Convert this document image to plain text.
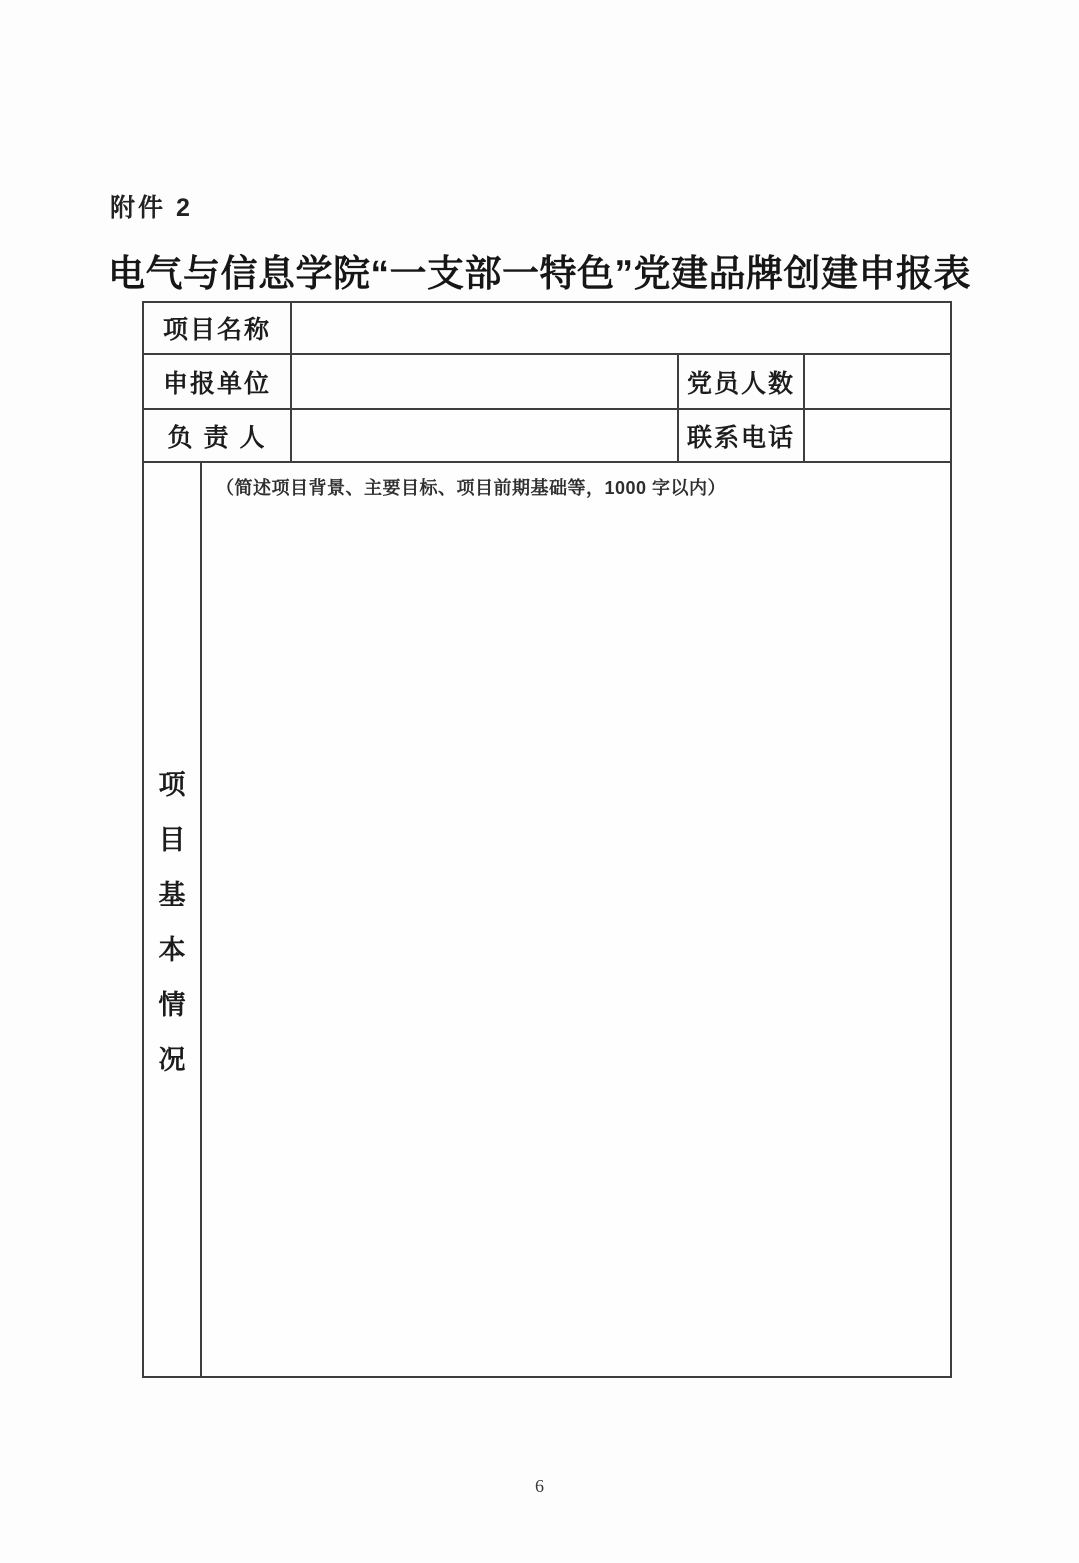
附件 2
电气与信息学院“一支部一特色”党建品牌创建申报表
项目名称				
申报单位			党员人数	
负 责 人			联系电话	

项
目
基
本
情
况

（简述项目背景、主要目标、项目前期基础等，1000 字以内）
6
